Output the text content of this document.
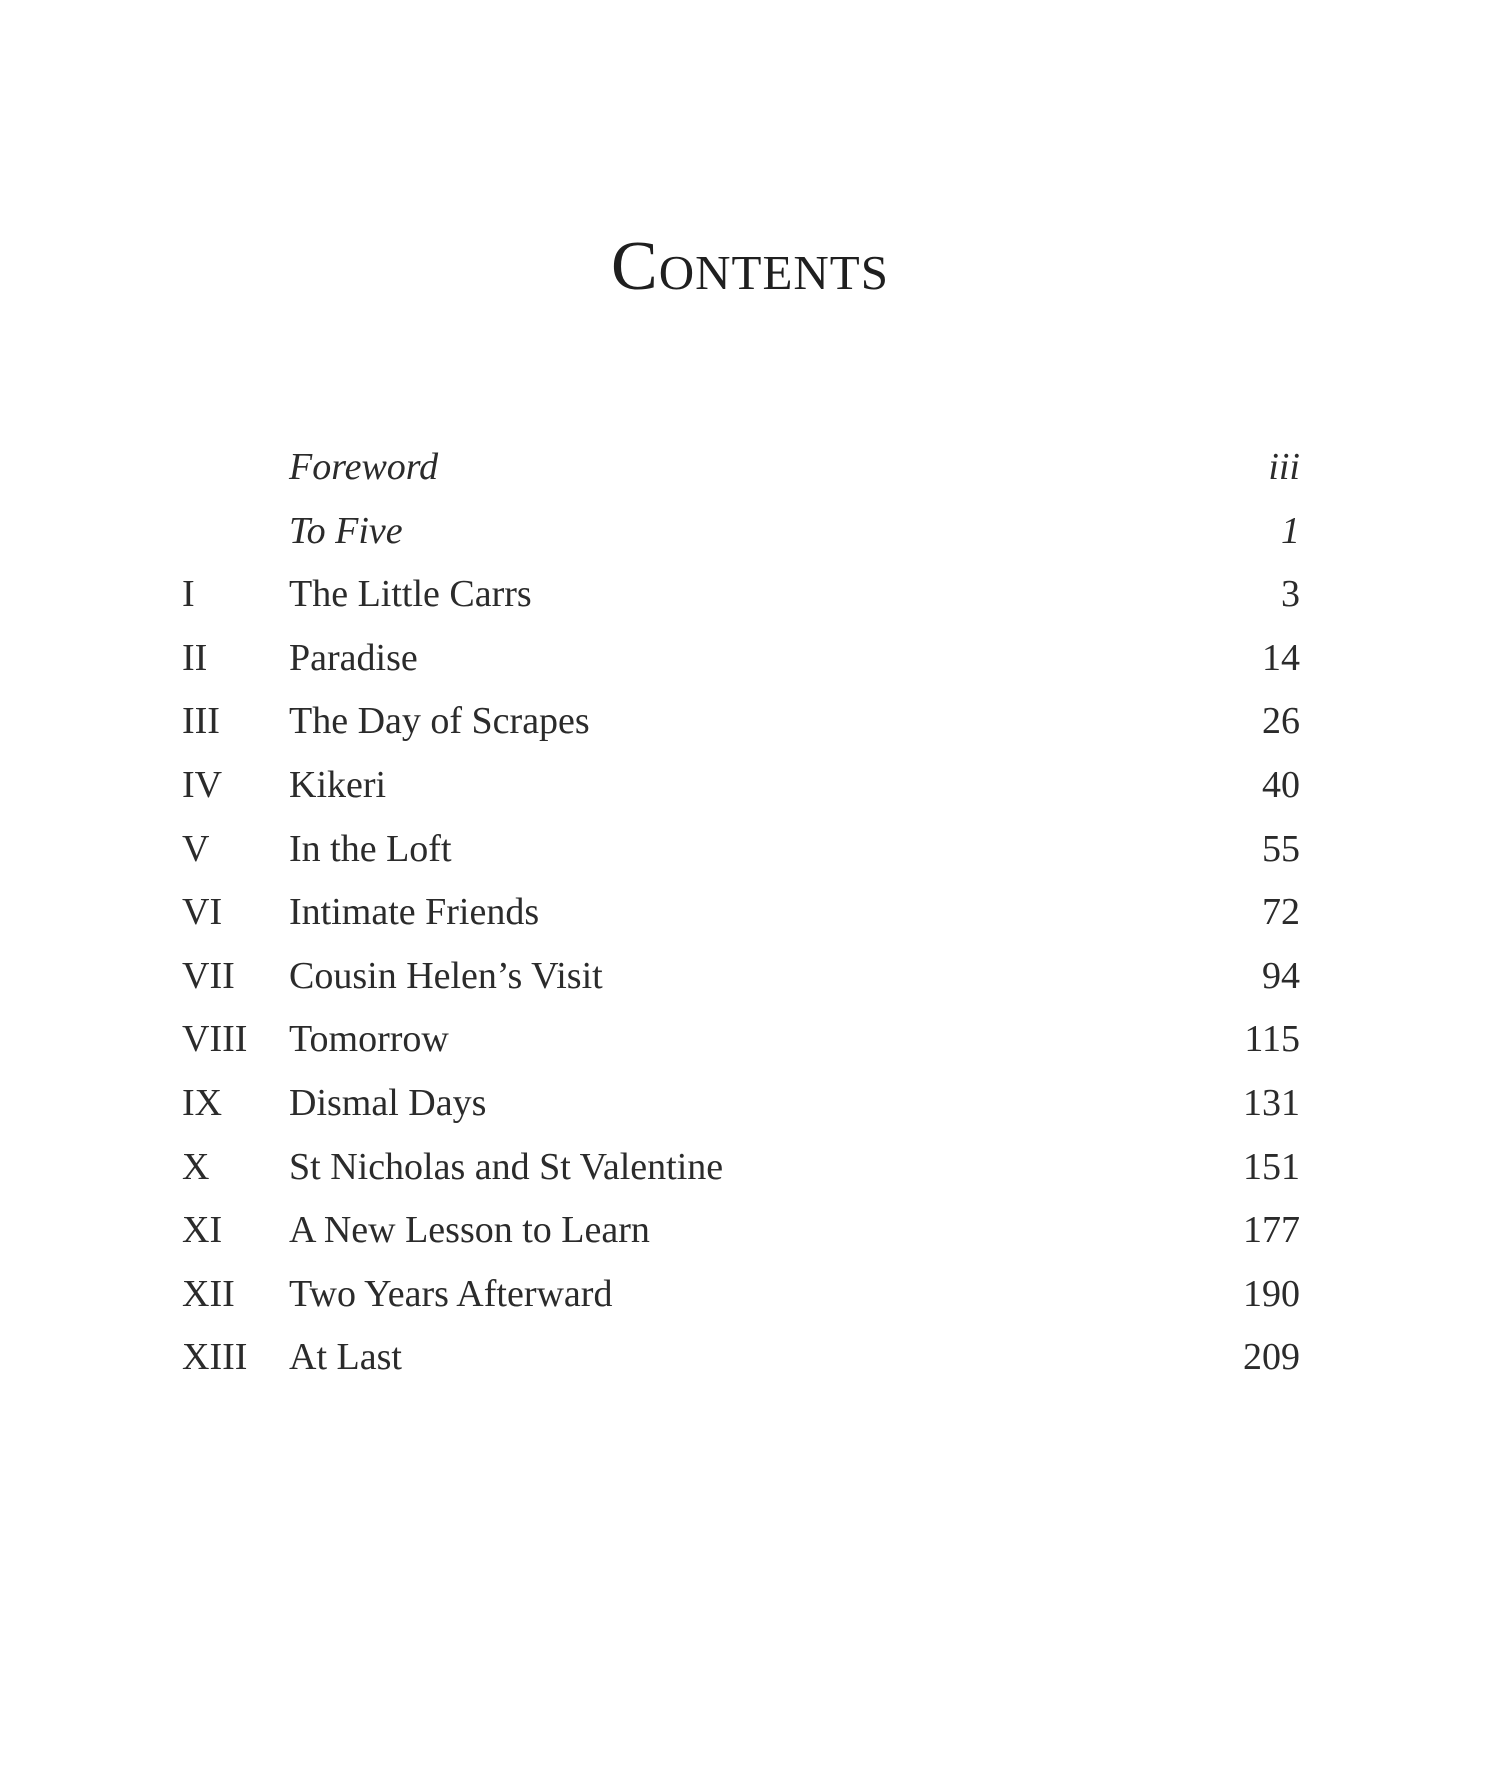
Contents
Foreword	iii
To Five	1
I The Little Carrs	3
II Paradise	14
III The Day of Scrapes	26
IV Kikeri	40
V In the Loft	55
VI Intimate Friends	72
VII Cousin Helen’s Visit	94
VIII Tomorrow	115
IX Dismal Days	131
X St Nicholas and St Valentine	151
XI A New Lesson to Learn	177
XII Two Years Afterward	190
XIII At Last	209
